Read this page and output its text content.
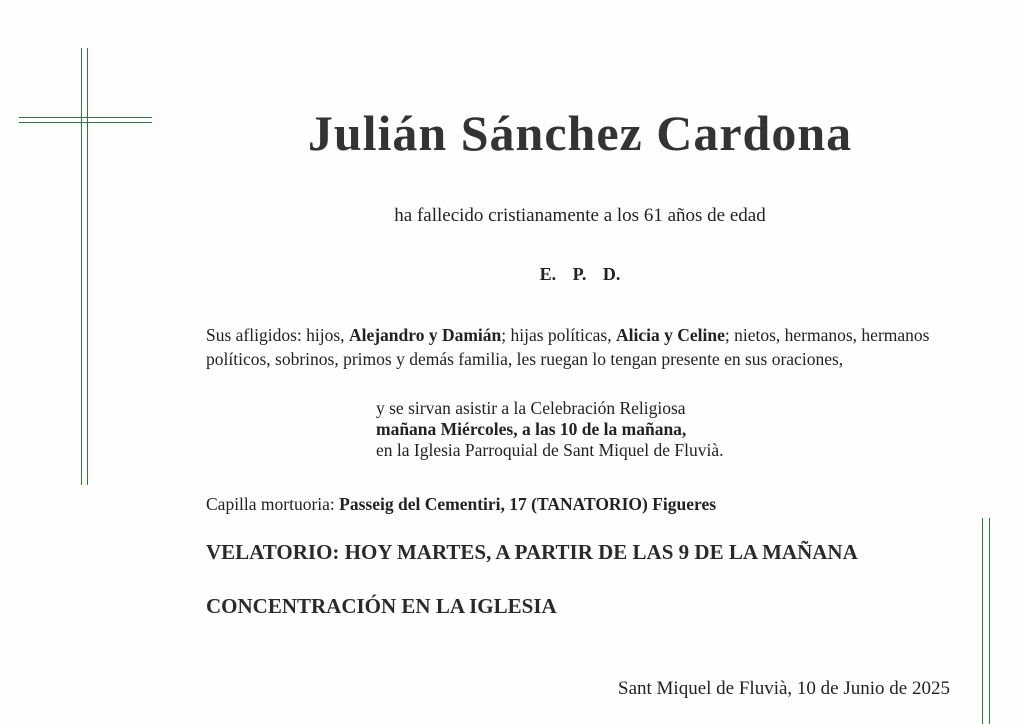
Julián Sánchez Cardona
ha fallecido cristianamente a los 61 años de edad
E. P. D.
Sus afligidos: hijos, Alejandro y Damián; hijas políticas, Alicia y Celine; nietos, hermanos, hermanos políticos, sobrinos, primos y demás familia, les ruegan lo tengan presente en sus oraciones,
y se sirvan asistir a la Celebración Religiosa
mañana Miércoles, a las 10 de la mañana,
en la Iglesia Parroquial de Sant Miquel de Fluvià.
Capilla mortuoria: Passeig del Cementiri, 17 (TANATORIO) Figueres
VELATORIO: HOY MARTES, A PARTIR DE LAS 9 DE LA MAÑANA
CONCENTRACIÓN EN LA IGLESIA
Sant Miquel de Fluvià, 10 de Junio de 2025
